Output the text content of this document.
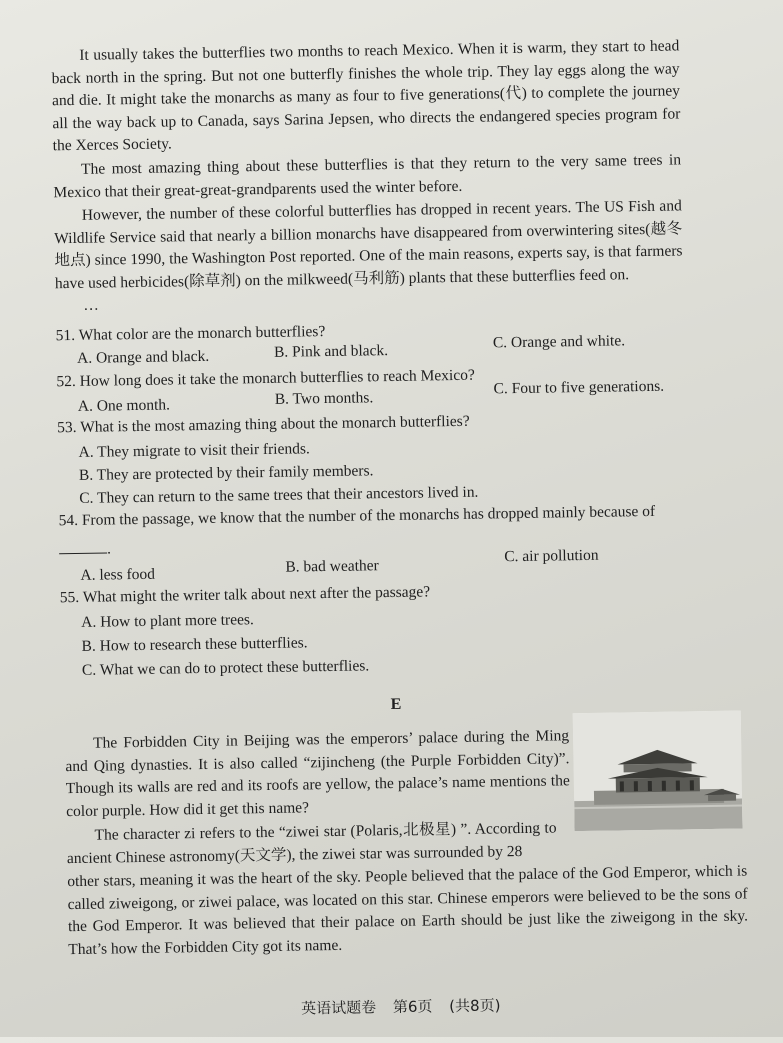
It usually takes the butterflies two months to reach Mexico. When it is warm, they start to head back north in the spring. But not one butterfly finishes the whole trip. They lay eggs along the way and die. It might take the monarchs as many as four to five generations(代) to complete the journey all the way back up to Canada, says Sarina Jepsen, who directs the endangered species program for the Xerces Society.

The most amazing thing about these butterflies is that they return to the very same trees in Mexico that their great-great-grandparents used the winter before.

However, the number of these colorful butterflies has dropped in recent years. The US Fish and Wildlife Service said that nearly a billion monarchs have disappeared from overwintering sites(越冬地点) since 1990, the Washington Post reported. One of the main reasons, experts say, is that farmers have used herbicides(除草剂) on the milkweed(马利筋) plants that these butterflies feed on.

…

51. What color are the monarch butterflies?

A. Orange and black.	B. Pink and black.

C. Orange and white.

52. How long does it take the monarch butterflies to reach Mexico?

A. One month.	B. Two months.

C. Four to five generations.

53. What is the most amazing thing about the monarch butterflies?

A. They migrate to visit their friends.

B. They are protected by their family members.

C. They can return to the same trees that their ancestors lived in.

54. From the passage, we know that the number of the monarchs has dropped mainly because of

.

A. less food	B. bad weather

C. air pollution

55. What might the writer talk about next after the passage?

A. How to plant more trees.

B. How to research these butterflies.

C. What we can do to protect these butterflies.

E

The Forbidden City in Beijing was the emperors’ palace during the Ming and Qing dynasties. It is also called “zijincheng (the Purple Forbidden City)”. Though its walls are red and its roofs are yellow, the palace’s name mentions the color purple. How did it get this name?

The character zi refers to the “ziwei star (Polaris,北极星) ”. According to ancient Chinese astronomy(天文学), the ziwei star was surrounded by 28

other stars, meaning it was the heart of the sky. People believed that the palace of the God Emperor, which is called ziweigong, or ziwei palace, was located on this star. Chinese emperors were believed to be the sons of the God Emperor. It was believed that their palace on Earth should be just like the ziweigong in the sky. That’s how the Forbidden City got its name.

英语试题卷 第6页 (共8页)
